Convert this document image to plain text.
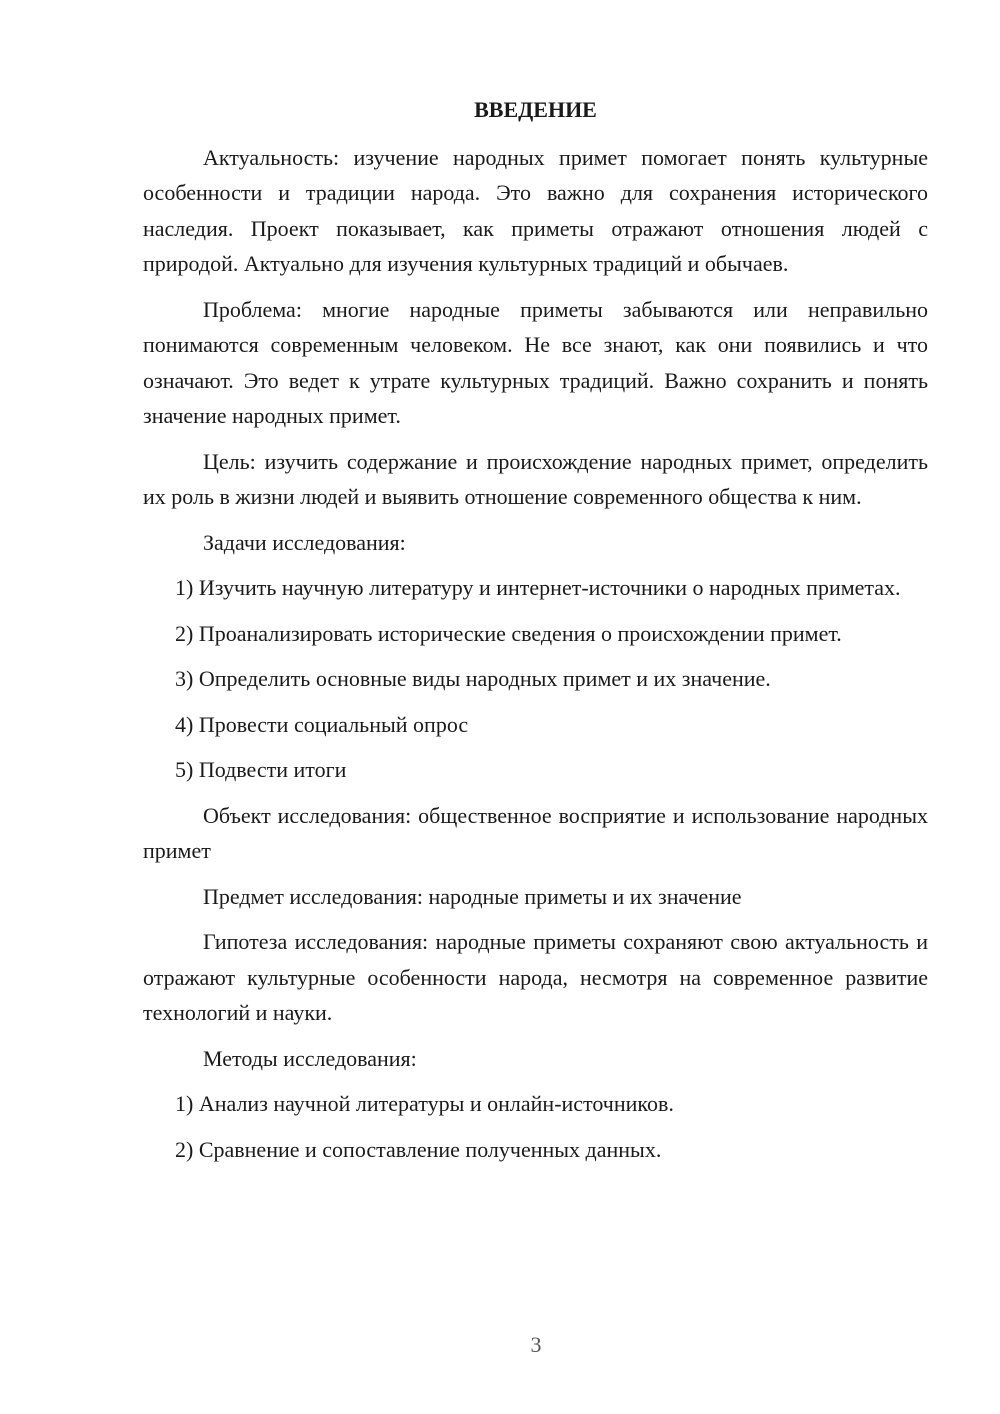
ВВЕДЕНИЕ

Актуальность: изучение народных примет помогает понять культурные особенности и традиции народа. Это важно для сохранения исторического наследия. Проект показывает, как приметы отражают отношения людей с природой. Актуально для изучения культурных традиций и обычаев.

Проблема: многие народные приметы забываются или неправильно понимаются современным человеком. Не все знают, как они появились и что означают. Это ведет к утрате культурных традиций. Важно сохранить и понять значение народных примет.

Цель: изучить содержание и происхождение народных примет, определить их роль в жизни людей и выявить отношение современного общества к ним.

Задачи исследования:

1) Изучить научную литературу и интернет-источники о народных приметах.

2) Проанализировать исторические сведения о происхождении примет.

3) Определить основные виды народных примет и их значение.

4) Провести социальный опрос

5) Подвести итоги

Объект исследования: общественное восприятие и использование народных примет

Предмет исследования: народные приметы и их значение

Гипотеза исследования: народные приметы сохраняют свою актуальность и отражают культурные особенности народа, несмотря на современное развитие технологий и науки.

Методы исследования:

1) Анализ научной литературы и онлайн-источников.

2) Сравнение и сопоставление полученных данных.

3
